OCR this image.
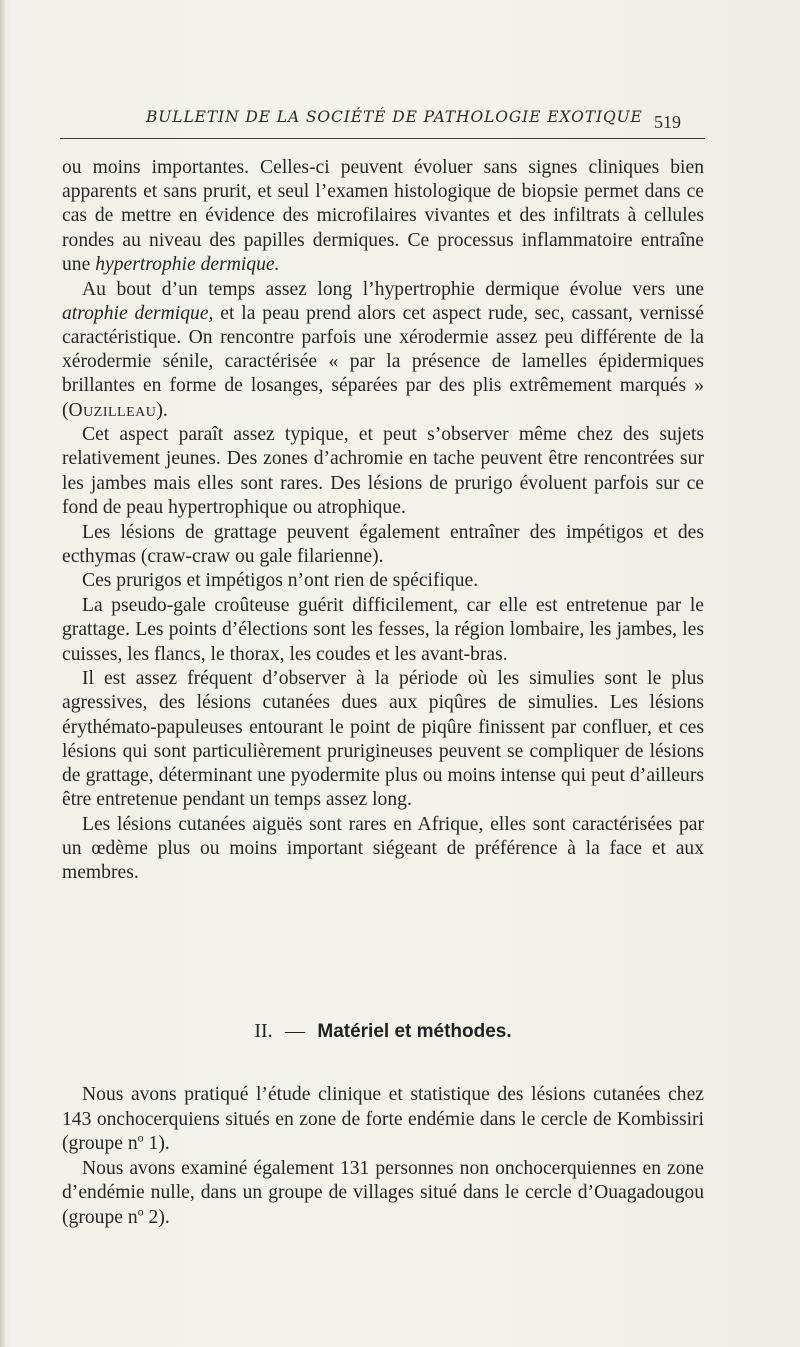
BULLETIN DE LA SOCIÉTÉ DE PATHOLOGIE EXOTIQUE 519

ou moins importantes. Celles-ci peuvent évoluer sans signes cliniques bien apparents et sans prurit, et seul l’examen histologique de biopsie permet dans ce cas de mettre en évidence des microfilaires vivantes et des infiltrats à cellules rondes au niveau des papilles dermiques. Ce processus inflammatoire entraîne une hypertrophie dermique.

Au bout d’un temps assez long l’hypertrophie dermique évolue vers une atrophie dermique, et la peau prend alors cet aspect rude, sec, cassant, vernissé caractéristique. On rencontre parfois une xérodermie assez peu différente de la xérodermie sénile, caractérisée « par la présence de lamelles épidermiques brillantes en forme de losanges, séparées par des plis extrêmement marqués » (Ouzilleau).

Cet aspect paraît assez typique, et peut s’observer même chez des sujets relativement jeunes. Des zones d’achromie en tache peuvent être rencontrées sur les jambes mais elles sont rares. Des lésions de prurigo évoluent parfois sur ce fond de peau hypertrophique ou atrophique.

Les lésions de grattage peuvent également entraîner des impétigos et des ecthymas (craw-craw ou gale filarienne).

Ces prurigos et impétigos n’ont rien de spécifique.

La pseudo-gale croûteuse guérit difficilement, car elle est entretenue par le grattage. Les points d’élections sont les fesses, la région lombaire, les jambes, les cuisses, les flancs, le thorax, les coudes et les avant-bras.

Il est assez fréquent d’observer à la période où les simulies sont le plus agressives, des lésions cutanées dues aux piqûres de simulies. Les lésions érythémato-papuleuses entourant le point de piqûre finissent par confluer, et ces lésions qui sont particulièrement prurigineuses peuvent se compliquer de lésions de grattage, déterminant une pyodermite plus ou moins intense qui peut d’ailleurs être entretenue pendant un temps assez long.

Les lésions cutanées aiguës sont rares en Afrique, elles sont caractérisées par un œdème plus ou moins important siégeant de préférence à la face et aux membres.

II. — Matériel et méthodes.

Nous avons pratiqué l’étude clinique et statistique des lésions cutanées chez 143 onchocerquiens situés en zone de forte endémie dans le cercle de Kombissiri (groupe $n^o$ 1).

Nous avons examiné également 131 personnes non onchocerquiennes en zone d’endémie nulle, dans un groupe de villages situé dans le cercle d’Ouagadougou (groupe $n^o$ 2).
